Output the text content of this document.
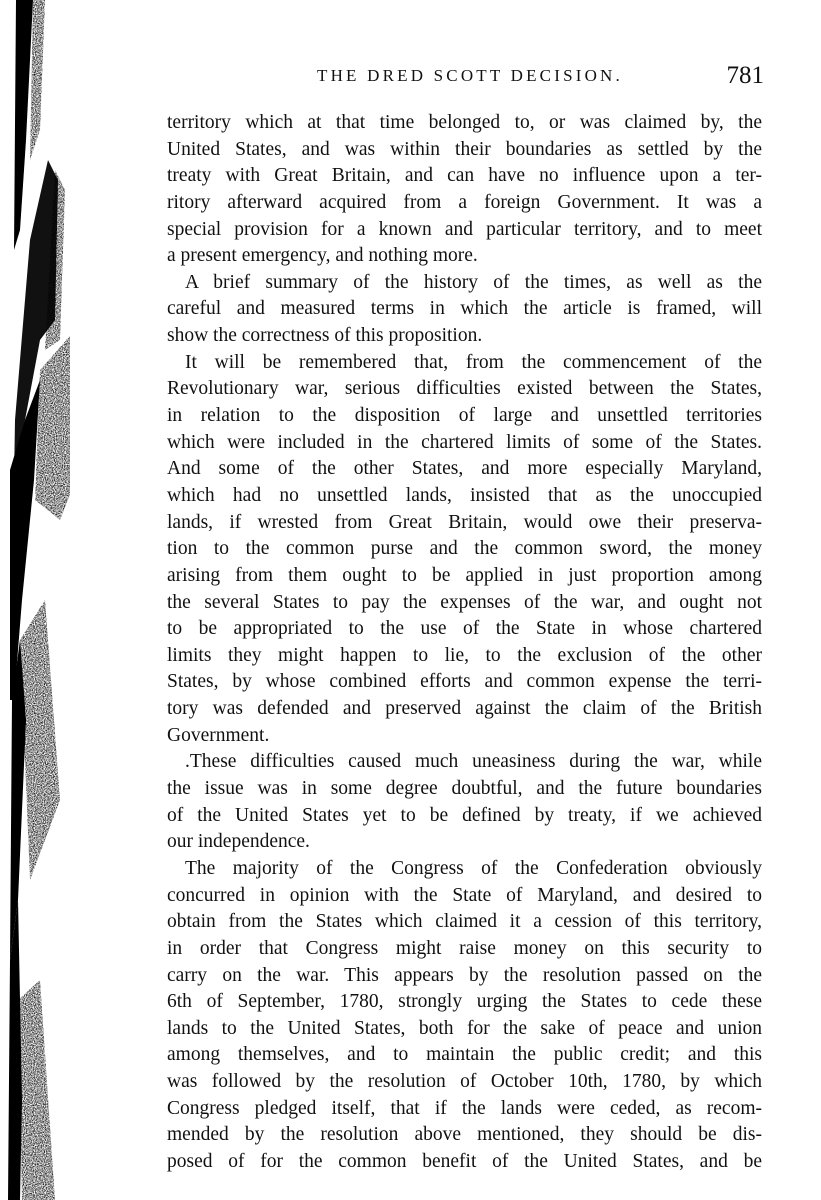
THE DRED SCOTT DECISION.	781
territory which at that time belonged to, or was claimed by, the
United States, and was within their boundaries as settled by the
treaty with Great Britain, and can have no influence upon a ter-
ritory afterward acquired from a foreign Government. It was a
special provision for a known and particular territory, and to meet
a present emergency, and nothing more.
A brief summary of the history of the times, as well as the
careful and measured terms in which the article is framed, will
show the correctness of this proposition.
It will be remembered that, from the commencement of the
Revolutionary war, serious difficulties existed between the States,
in relation to the disposition of large and unsettled territories
which were included in the chartered limits of some of the States.
And some of the other States, and more especially Maryland,
which had no unsettled lands, insisted that as the unoccupied
lands, if wrested from Great Britain, would owe their preserva-
tion to the common purse and the common sword, the money
arising from them ought to be applied in just proportion among
the several States to pay the expenses of the war, and ought not
to be appropriated to the use of the State in whose chartered
limits they might happen to lie, to the exclusion of the other
States, by whose combined efforts and common expense the terri-
tory was defended and preserved against the claim of the British
Government.
.These difficulties caused much uneasiness during the war, while
the issue was in some degree doubtful, and the future boundaries
of the United States yet to be defined by treaty, if we achieved
our independence.
The majority of the Congress of the Confederation obviously
concurred in opinion with the State of Maryland, and desired to
obtain from the States which claimed it a cession of this territory,
in order that Congress might raise money on this security to
carry on the war. This appears by the resolution passed on the
6th of September, 1780, strongly urging the States to cede these
lands to the United States, both for the sake of peace and union
among themselves, and to maintain the public credit; and this
was followed by the resolution of October 10th, 1780, by which
Congress pledged itself, that if the lands were ceded, as recom-
mended by the resolution above mentioned, they should be dis-
posed of for the common benefit of the United States, and be
